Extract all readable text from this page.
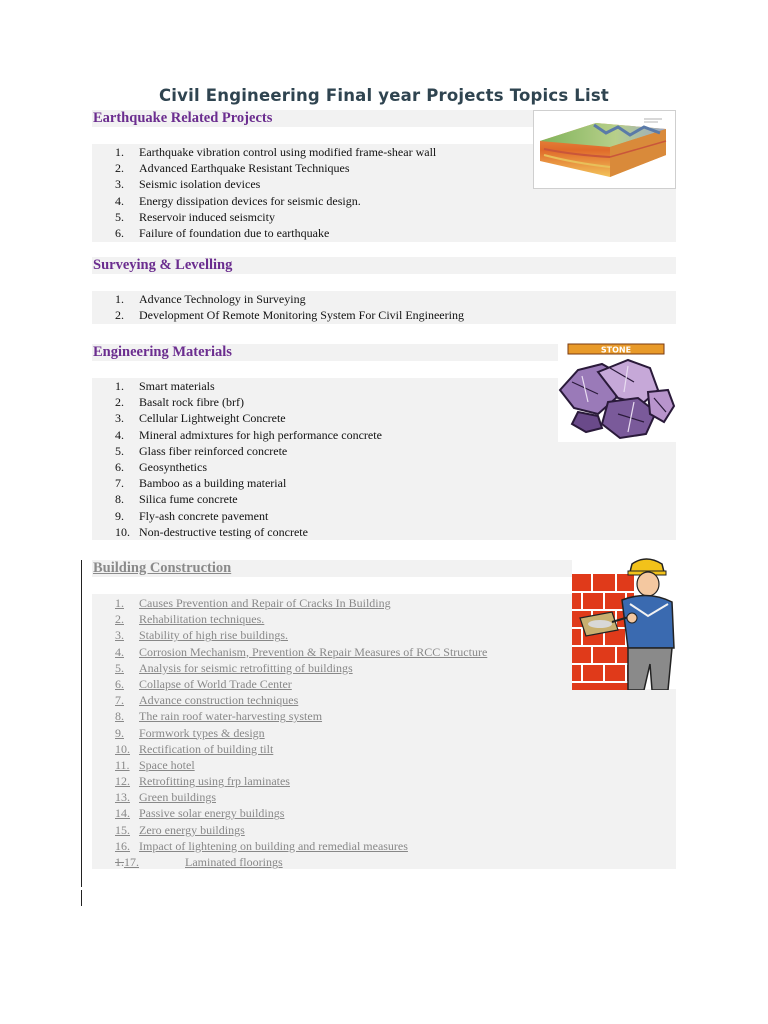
Civil Engineering Final year Projects Topics List
Earthquake Related Projects
1. Earthquake vibration control using modified frame-shear wall
2. Advanced Earthquake Resistant Techniques
3. Seismic isolation devices
4. Energy dissipation devices for seismic design.
5. Reservoir induced seismcity
6. Failure of foundation due to earthquake
Surveying & Levelling
1. Advance Technology in Surveying
2. Development Of Remote Monitoring System For Civil Engineering
Engineering Materials
1. Smart materials
2. Basalt rock fibre (brf)
3. Cellular Lightweight Concrete
4. Mineral admixtures for high performance concrete
5. Glass fiber reinforced concrete
6. Geosynthetics
7. Bamboo as a building material
8. Silica fume concrete
9. Fly-ash concrete pavement
10. Non-destructive testing of concrete
STONE
Building Construction
1. Causes Prevention and Repair of Cracks In Building
2. Rehabilitation techniques.
3. Stability of high rise buildings.
4. Corrosion Mechanism, Prevention & Repair Measures of RCC Structure
5. Analysis for seismic retrofitting of buildings
6. Collapse of World Trade Center
7. Advance construction techniques
8. The rain roof water-harvesting system
9. Formwork types & design
10. Rectification of building tilt
11. Space hotel
12. Retrofitting using frp laminates
13. Green buildings
14. Passive solar energy buildings
15. Zero energy buildings
16. Impact of lightening on building and remedial measures
1.17.	Laminated floorings
